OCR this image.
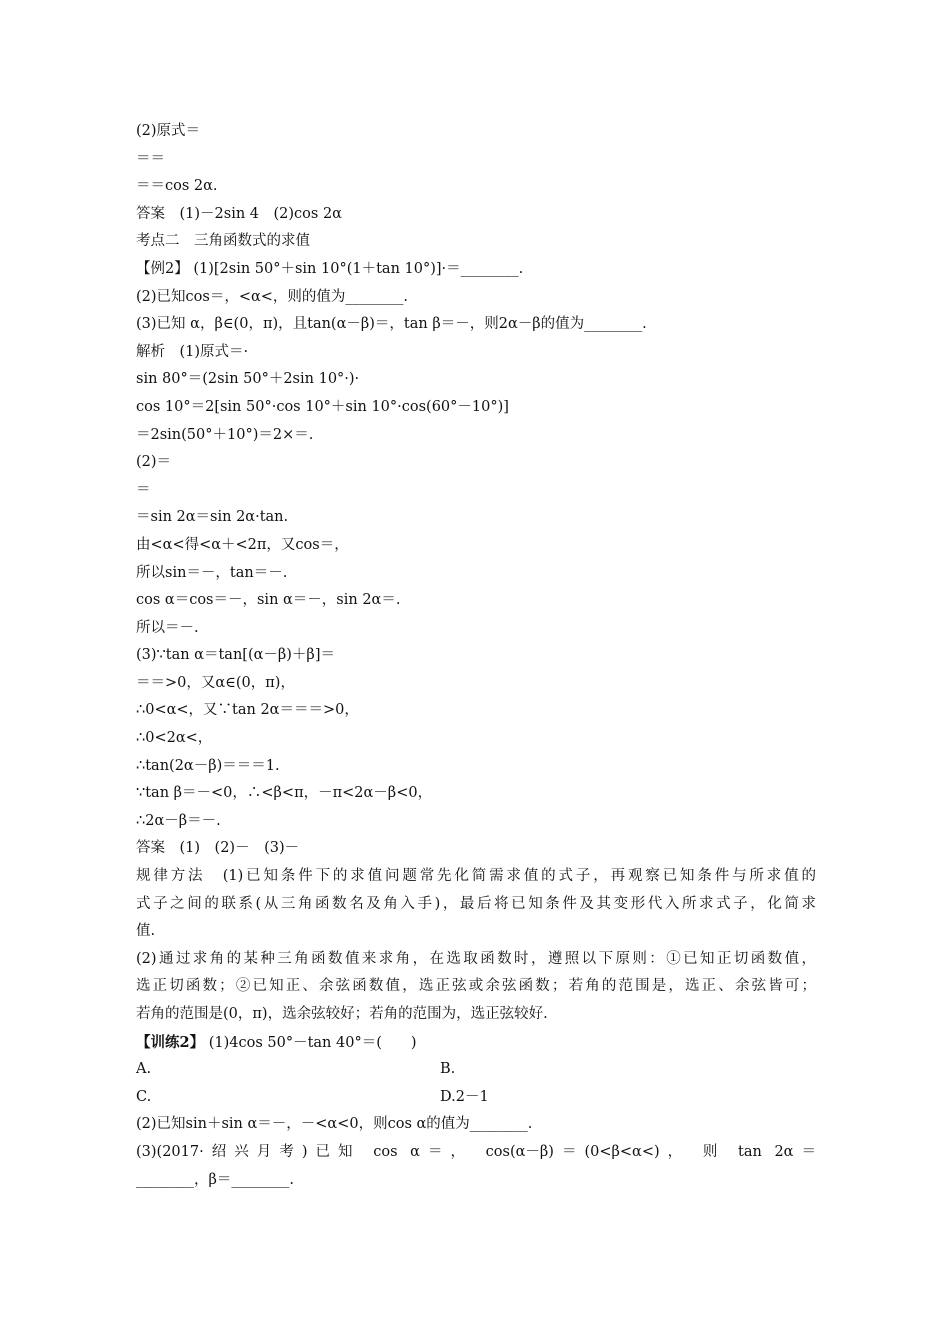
(2)原式＝
＝＝
＝＝cos 2α.
答案　(1)－2sin 4　(2)cos 2α
考点二　三角函数式的求值
【例2】 (1)[2sin 50°＋sin 10°(1＋tan 10°)]·＝________.
(2)已知cos＝，<α<，则的值为________.
(3)已知 α，β∈(0，π)，且tan(α－β)＝，tan β＝－，则2α－β的值为________.
解析　(1)原式＝·
sin 80°＝(2sin 50°＋2sin 10°·)·
cos 10°＝2[sin 50°·cos 10°＋sin 10°·cos(60°－10°)]
＝2sin(50°＋10°)＝2×＝.
(2)＝
＝
＝sin 2α＝sin 2α·tan.
由<α<得<α＋<2π，又cos＝，
所以sin＝－，tan＝－.
cos α＝cos＝－，sin α＝－，sin 2α＝.
所以＝－.
(3)∵tan α＝tan[(α－β)＋β]＝
＝＝>0，又α∈(0，π)，
∴0<α<，又∵tan 2α＝＝＝>0，
∴0<2α<，
∴tan(2α－β)＝＝＝1.
∵tan β＝－<0，∴<β<π，－π<2α－β<0，
∴2α－β＝－.
答案　(1)　(2)－　(3)－
规律方法　(1)已知条件下的求值问题常先化简需求值的式子，再观察已知条件与所求值的
式子之间的联系(从三角函数名及角入手)，最后将已知条件及其变形代入所求式子，化简求
值.
(2)通过求角的某种三角函数值来求角，在选取函数时，遵照以下原则：①已知正切函数值，
选正切函数；②已知正、余弦函数值，选正弦或余弦函数；若角的范围是，选正、余弦皆可；
若角的范围是(0，π)，选余弦较好；若角的范围为，选正弦较好.
【训练2】 (1)4cos 50°－tan 40°＝(　　)
A.	B.
C.	D.2－1
(2)已知sin＋sin α＝－，－<α<0，则cos α的值为________.
(3)(2017·绍兴月考)已知 cos α＝， cos(α－β)＝(0<β<α<)， 则 tan 2α＝
________，β＝________.
